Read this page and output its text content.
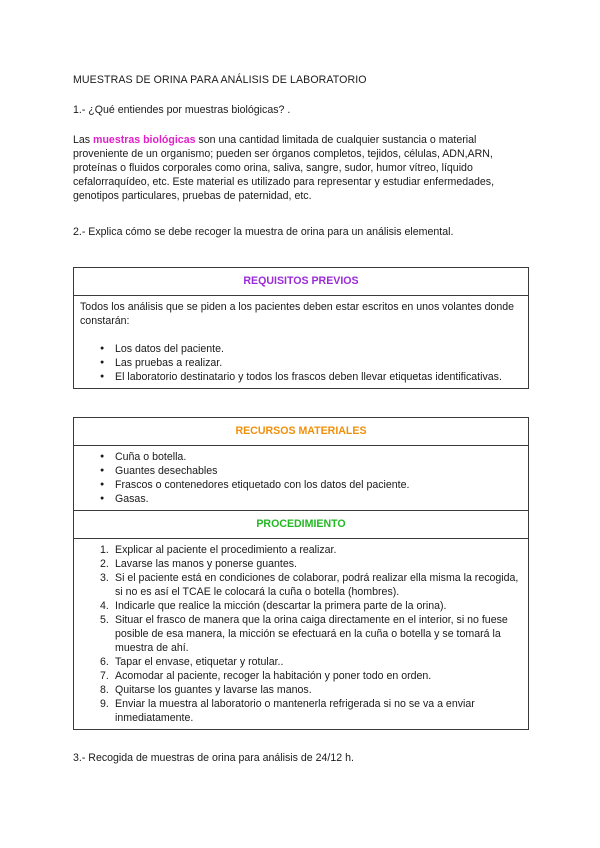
MUESTRAS DE ORINA PARA ANÁLISIS DE LABORATORIO

1.- ¿Qué entiendes por muestras biológicas? .

Las muestras biológicas son una cantidad limitada de cualquier sustancia o material proveniente de un organismo; pueden ser órganos completos, tejidos, células, ADN,ARN, proteínas o fluidos corporales como orina, saliva, sangre, sudor, humor vítreo, líquido cefalorraquídeo, etc. Este material es utilizado para representar y estudiar enfermedades, genotipos particulares, pruebas de paternidad, etc.

2.- Explica cómo se debe recoger la muestra de orina para un análisis elemental.

REQUISITOS PREVIOS
Todos los análisis que se piden a los pacientes deben estar escritos en unos volantes donde constarán:
● Los datos del paciente.
● Las pruebas a realizar.
● El laboratorio destinatario y todos los frascos deben llevar etiquetas identificativas.
RECURSOS MATERIALES
● Cuña o botella.
● Guantes desechables
● Frascos o contenedores etiquetado con los datos del paciente.
● Gasas.
PROCEDIMIENTO
1. Explicar al paciente el procedimiento a realizar.
2. Lavarse las manos y ponerse guantes.
3. Si el paciente está en condiciones de colaborar, podrá realizar ella misma la recogida, si no es así el TCAE le colocará la cuña o botella (hombres).
4. Indicarle que realice la micción (descartar la primera parte de la orina).
5. Situar el frasco de manera que la orina caiga directamente en el interior, si no fuese posible de esa manera, la micción se efectuará en la cuña o botella y se tomará la muestra de ahí.
6. Tapar el envase, etiquetar y rotular..
7. Acomodar al paciente, recoger la habitación y poner todo en orden.
8. Quitarse los guantes y lavarse las manos.
9. Enviar la muestra al laboratorio o mantenerla refrigerada si no se va a enviar inmediatamente.

3.- Recogida de muestras de orina para análisis de 24/12 h.
